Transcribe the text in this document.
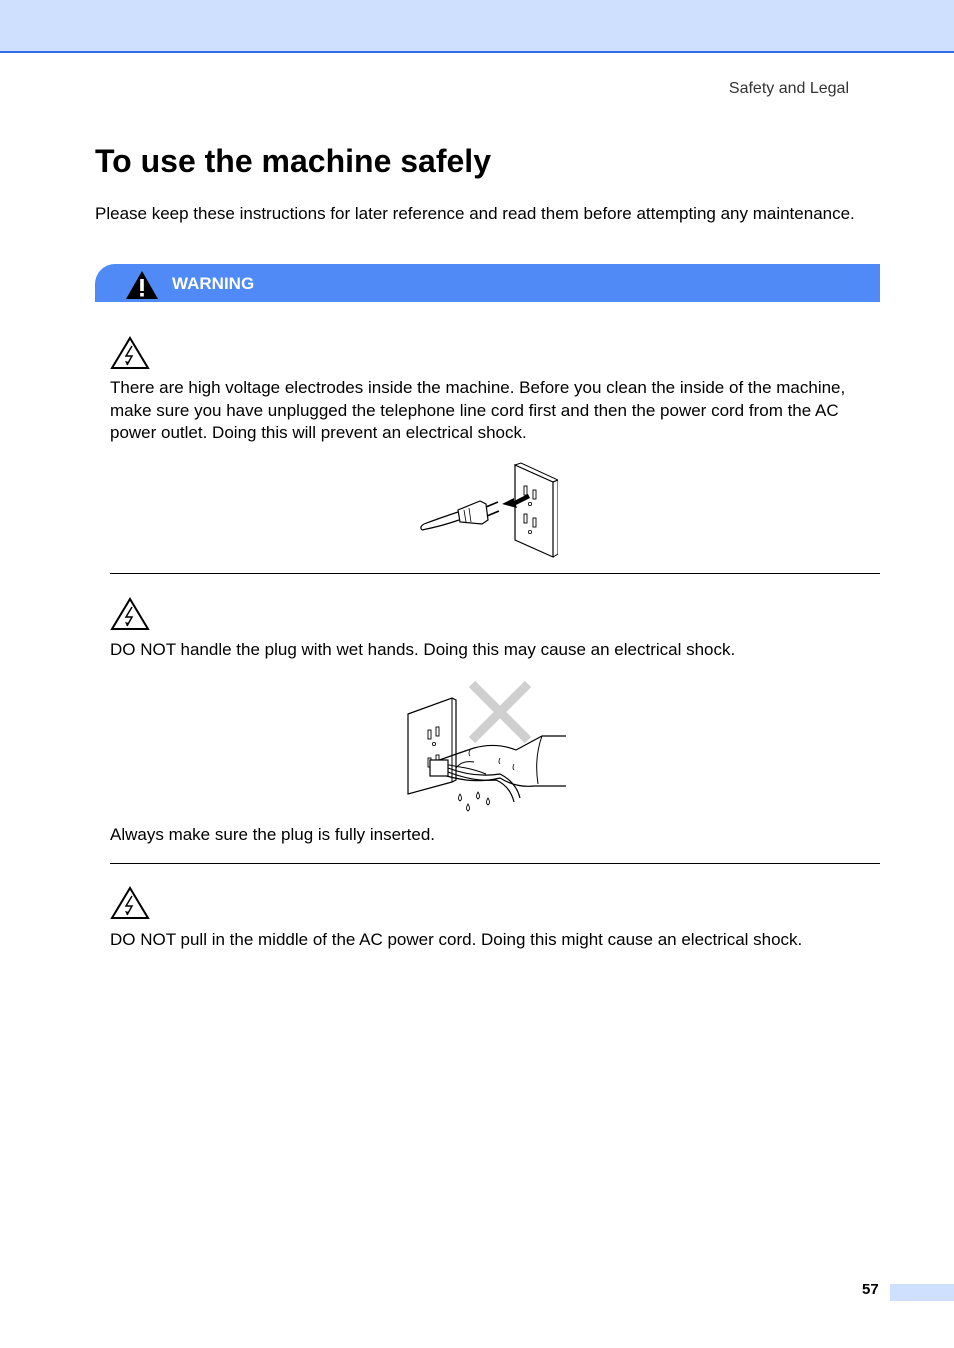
Safety and Legal
To use the machine safely

Please keep these instructions for later reference and read them before attempting any maintenance.

WARNING

There are high voltage electrodes inside the machine. Before you clean the inside of the machine, make sure you have unplugged the telephone line cord first and then the power cord from the AC power outlet. Doing this will prevent an electrical shock.

DO NOT handle the plug with wet hands. Doing this may cause an electrical shock.

Always make sure the plug is fully inserted.

DO NOT pull in the middle of the AC power cord. Doing this might cause an electrical shock.

57
